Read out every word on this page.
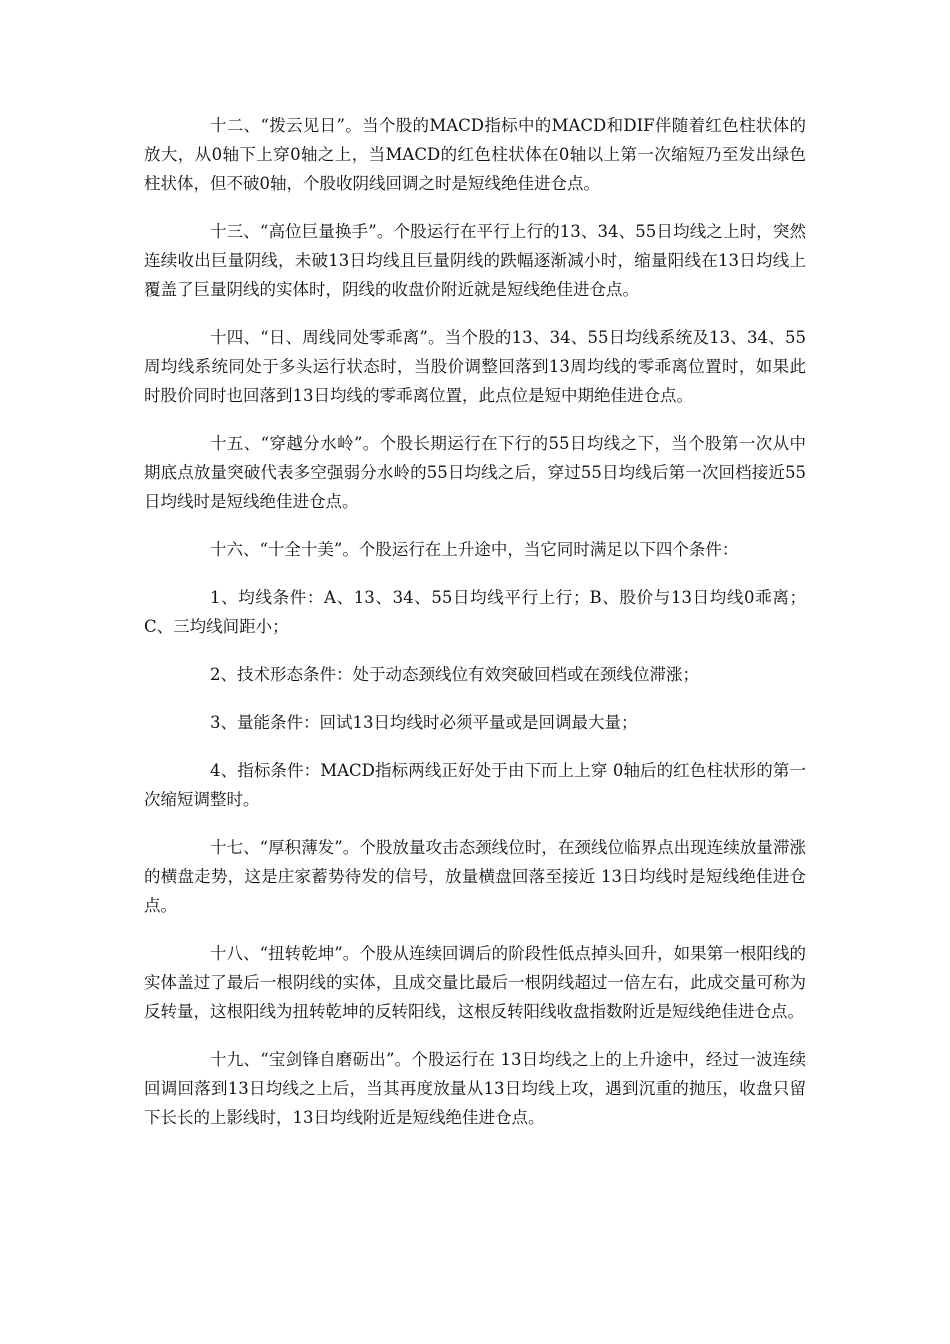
十二、“拨云见日”。当个股的MACD指标中的MACD和DIF伴随着红色柱状体的放大，从0轴下上穿0轴之上，当MACD的红色柱状体在0轴以上第一次缩短乃至发出绿色柱状体，但不破0轴，个股收阴线回调之时是短线绝佳进仓点。

十三、“高位巨量换手”。个股运行在平行上行的13、34、55日均线之上时，突然连续收出巨量阴线，未破13日均线且巨量阴线的跌幅逐渐减小时，缩量阳线在13日均线上覆盖了巨量阴线的实体时，阴线的收盘价附近就是短线绝佳进仓点。

十四、“日、周线同处零乖离”。当个股的13、34、55日均线系统及13、34、55周均线系统同处于多头运行状态时，当股价调整回落到13周均线的零乖离位置时，如果此时股价同时也回落到13日均线的零乖离位置，此点位是短中期绝佳进仓点。

十五、“穿越分水岭”。个股长期运行在下行的55日均线之下，当个股第一次从中期底点放量突破代表多空强弱分水岭的55日均线之后，穿过55日均线后第一次回档接近55日均线时是短线绝佳进仓点。

十六、“十全十美”。个股运行在上升途中，当它同时满足以下四个条件：

1、均线条件：A、13、34、55日均线平行上行；B、股价与13日均线0乖离；C、三均线间距小；

2、技术形态条件：处于动态颈线位有效突破回档或在颈线位滞涨；

3、量能条件：回试13日均线时必须平量或是回调最大量；

4、指标条件：MACD指标两线正好处于由下而上上穿 0轴后的红色柱状形的第一次缩短调整时。

十七、“厚积薄发”。个股放量攻击态颈线位时，在颈线位临界点出现连续放量滞涨的横盘走势，这是庄家蓄势待发的信号，放量横盘回落至接近 13日均线时是短线绝佳进仓点。

十八、“扭转乾坤”。个股从连续回调后的阶段性低点掉头回升，如果第一根阳线的实体盖过了最后一根阴线的实体，且成交量比最后一根阴线超过一倍左右，此成交量可称为反转量，这根阳线为扭转乾坤的反转阳线，这根反转阳线收盘指数附近是短线绝佳进仓点。

十九、“宝剑锋自磨砺出”。个股运行在 13日均线之上的上升途中，经过一波连续回调回落到13日均线之上后，当其再度放量从13日均线上攻，遇到沉重的抛压，收盘只留下长长的上影线时，13日均线附近是短线绝佳进仓点。
